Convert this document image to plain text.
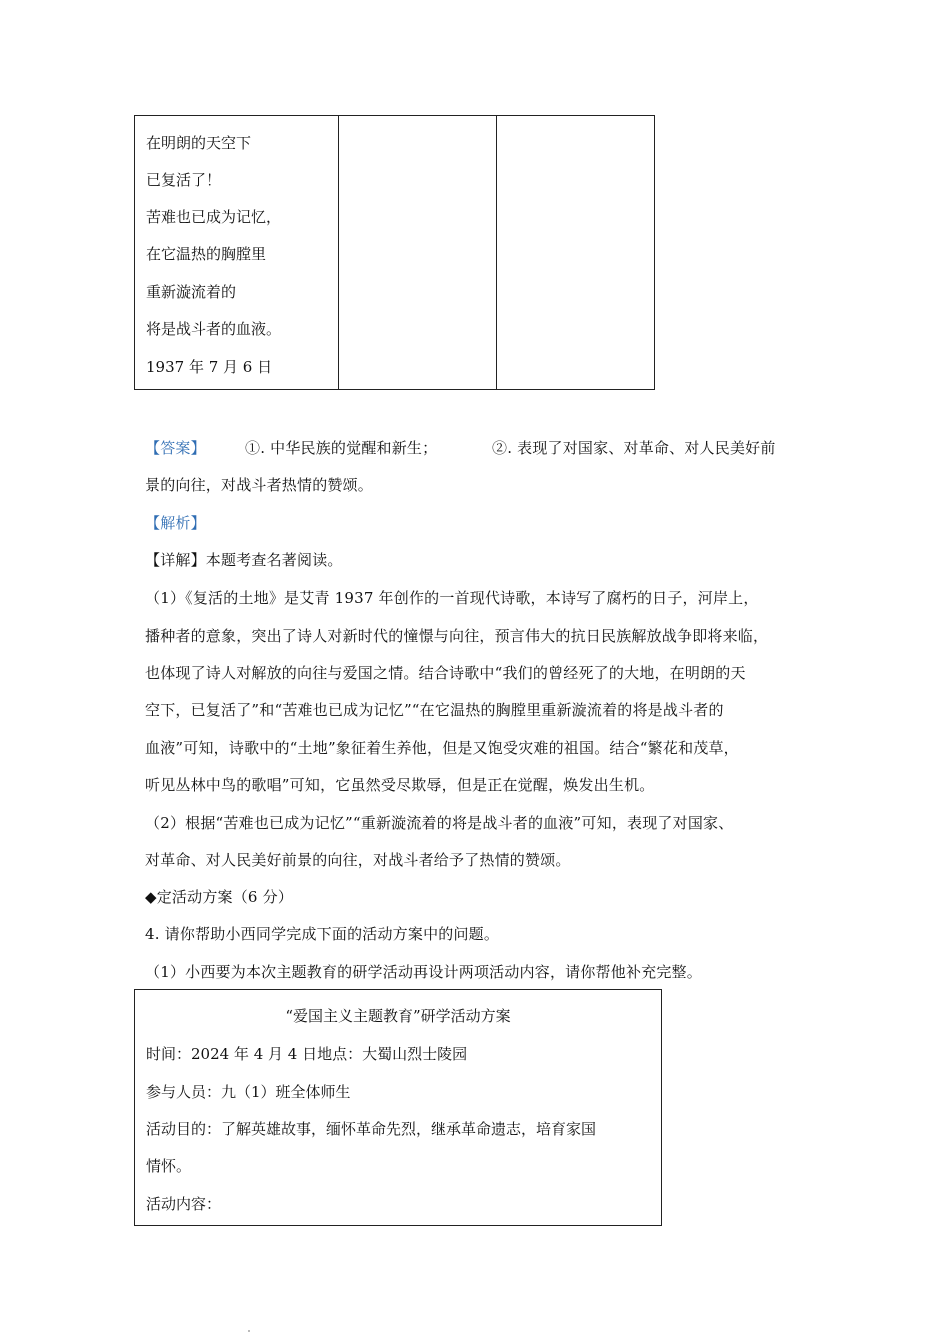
在明朗的天空下
已复活了！
苦难也已成为记忆，
在它温热的胸膛里
重新漩流着的
将是战斗者的血液。
1937 年 7 月 6 日
【答案】	①. 中华民族的觉醒和新生；	②. 表现了对国家、对革命、对人民美好前
景的向往，对战斗者热情的赞颂。
【解析】
【详解】本题考查名著阅读。
（1）《复活的土地》是艾青 1937 年创作的一首现代诗歌，本诗写了腐朽的日子，河岸上，
播种者的意象，突出了诗人对新时代的憧憬与向往，预言伟大的抗日民族解放战争即将来临，
也体现了诗人对解放的向往与爱国之情。结合诗歌中“我们的曾经死了的大地，在明朗的天
空下，已复活了”和“苦难也已成为记忆”“在它温热的胸膛里重新漩流着的将是战斗者的
血液”可知，诗歌中的“土地”象征着生养他，但是又饱受灾难的祖国。结合“繁花和茂草，
听见丛林中鸟的歌唱”可知，它虽然受尽欺辱，但是正在觉醒，焕发出生机。
（2）根据“苦难也已成为记忆”“重新漩流着的将是战斗者的血液”可知，表现了对国家、
对革命、对人民美好前景的向往，对战斗者给予了热情的赞颂。
◆定活动方案（6 分）
4. 请你帮助小西同学完成下面的活动方案中的问题。
（1）小西要为本次主题教育的研学活动再设计两项活动内容，请你帮他补充完整。
“爱国主义主题教育”研学活动方案
时间：2024 年 4 月 4 日地点：大蜀山烈士陵园
参与人员：九（1）班全体师生
活动目的：了解英雄故事，缅怀革命先烈，继承革命遗志，培育家国
情怀。
活动内容：
